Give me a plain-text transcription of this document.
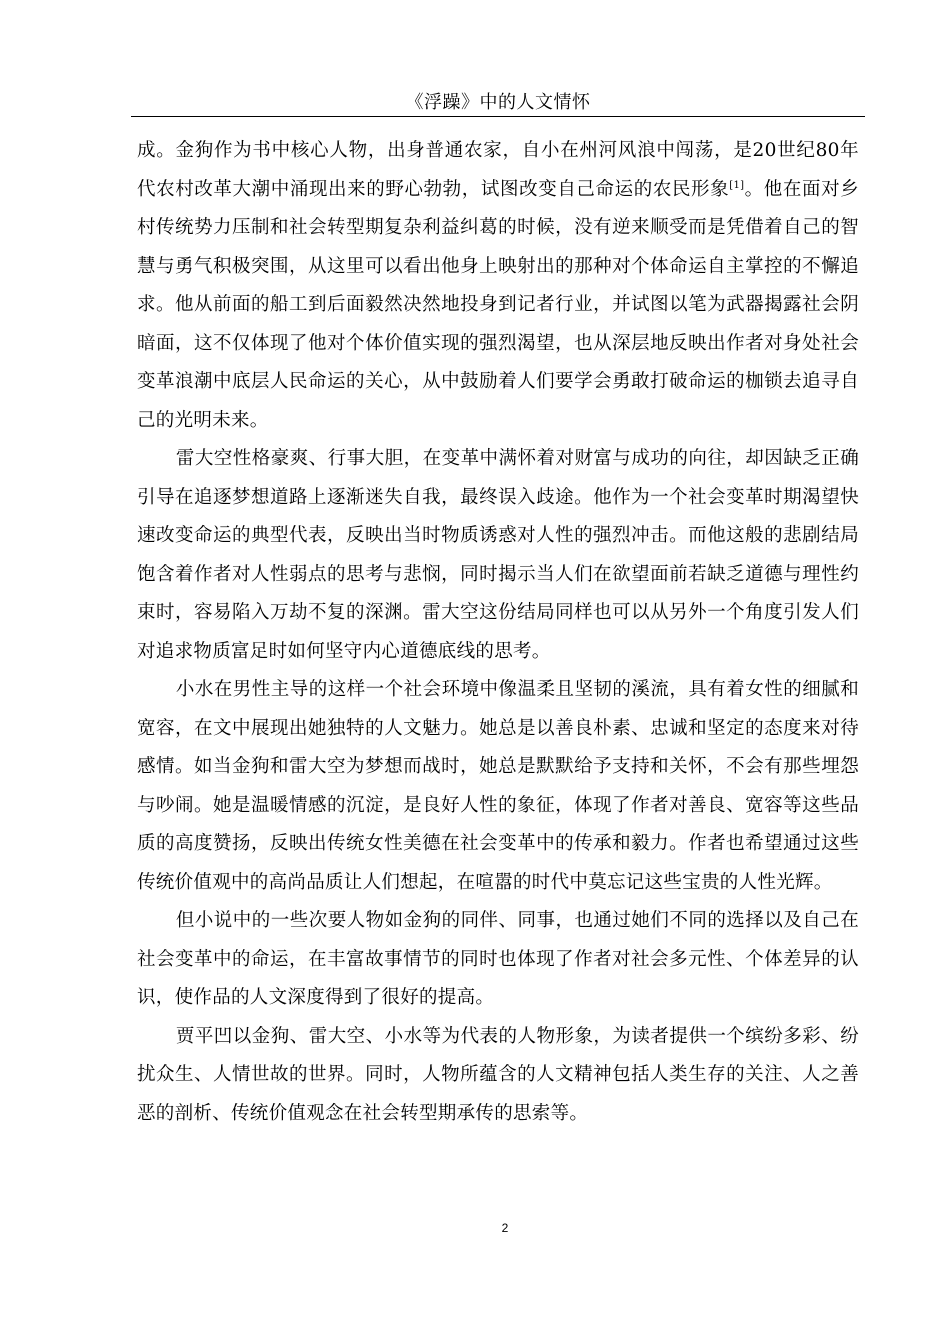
《浮躁》中的人文情怀

成。金狗作为书中核心人物，出身普通农家，自小在州河风浪中闯荡，是20世纪80年代农村改革大潮中涌现出来的野心勃勃，试图改变自己命运的农民形象[1]。他在面对乡村传统势力压制和社会转型期复杂利益纠葛的时候，没有逆来顺受而是凭借着自己的智慧与勇气积极突围，从这里可以看出他身上映射出的那种对个体命运自主掌控的不懈追求。他从前面的船工到后面毅然决然地投身到记者行业，并试图以笔为武器揭露社会阴暗面，这不仅体现了他对个体价值实现的强烈渴望，也从深层地反映出作者对身处社会变革浪潮中底层人民命运的关心，从中鼓励着人们要学会勇敢打破命运的枷锁去追寻自己的光明未来。

雷大空性格豪爽、行事大胆，在变革中满怀着对财富与成功的向往，却因缺乏正确引导在追逐梦想道路上逐渐迷失自我，最终误入歧途。他作为一个社会变革时期渴望快速改变命运的典型代表，反映出当时物质诱惑对人性的强烈冲击。而他这般的悲剧结局饱含着作者对人性弱点的思考与悲悯，同时揭示当人们在欲望面前若缺乏道德与理性约束时，容易陷入万劫不复的深渊。雷大空这份结局同样也可以从另外一个角度引发人们对追求物质富足时如何坚守内心道德底线的思考。

小水在男性主导的这样一个社会环境中像温柔且坚韧的溪流，具有着女性的细腻和宽容，在文中展现出她独特的人文魅力。她总是以善良朴素、忠诚和坚定的态度来对待感情。如当金狗和雷大空为梦想而战时，她总是默默给予支持和关怀，不会有那些埋怨与吵闹。她是温暖情感的沉淀，是良好人性的象征，体现了作者对善良、宽容等这些品质的高度赞扬，反映出传统女性美德在社会变革中的传承和毅力。作者也希望通过这些传统价值观中的高尚品质让人们想起，在喧嚣的时代中莫忘记这些宝贵的人性光辉。

但小说中的一些次要人物如金狗的同伴、同事，也通过她们不同的选择以及自己在社会变革中的命运，在丰富故事情节的同时也体现了作者对社会多元性、个体差异的认识，使作品的人文深度得到了很好的提高。

贾平凹以金狗、雷大空、小水等为代表的人物形象，为读者提供一个缤纷多彩、纷扰众生、人情世故的世界。同时，人物所蕴含的人文精神包括人类生存的关注、人之善恶的剖析、传统价值观念在社会转型期承传的思索等。

2
